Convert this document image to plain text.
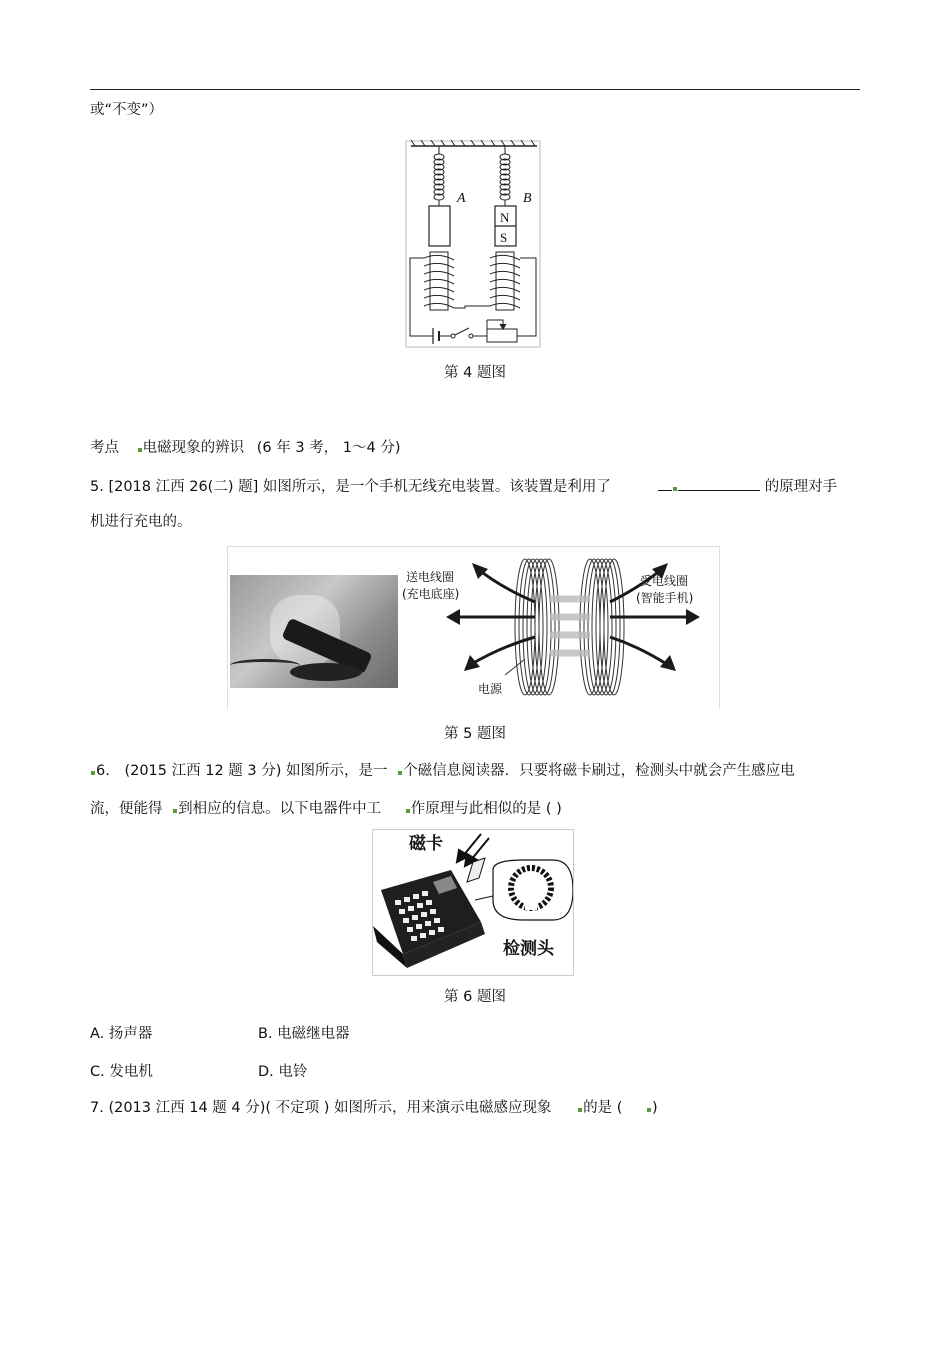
或“不变”）
A
N
S
B
第 4 题图
考点 电磁现象的辨识 (6 年 3 考， 1～4 分)
5. [2018 江西 26(二) 题] 如图所示，是一个手机无线充电装置。该装置是利用了	的原理对手
机进行充电的。
送电线圈
(充电底座)
受电线圈
(智能手机)
电源
第 5 题图
6. (2015 江西 12 题 3 分) 如图所示，是一 个磁信息阅读器．只要将磁卡刷过，检测头中就会产生感应电
流，便能得 到相应的信息。以下电器件中工 作原理与此相似的是 ( )
磁卡
检测头
第 6 题图
A. 扬声器	B. 电磁继电器
C. 发电机	D. 电铃
7. (2013 江西 14 题 4 分)( 不定项 ) 如图所示，用来演示电磁感应现象 的是 ( )
